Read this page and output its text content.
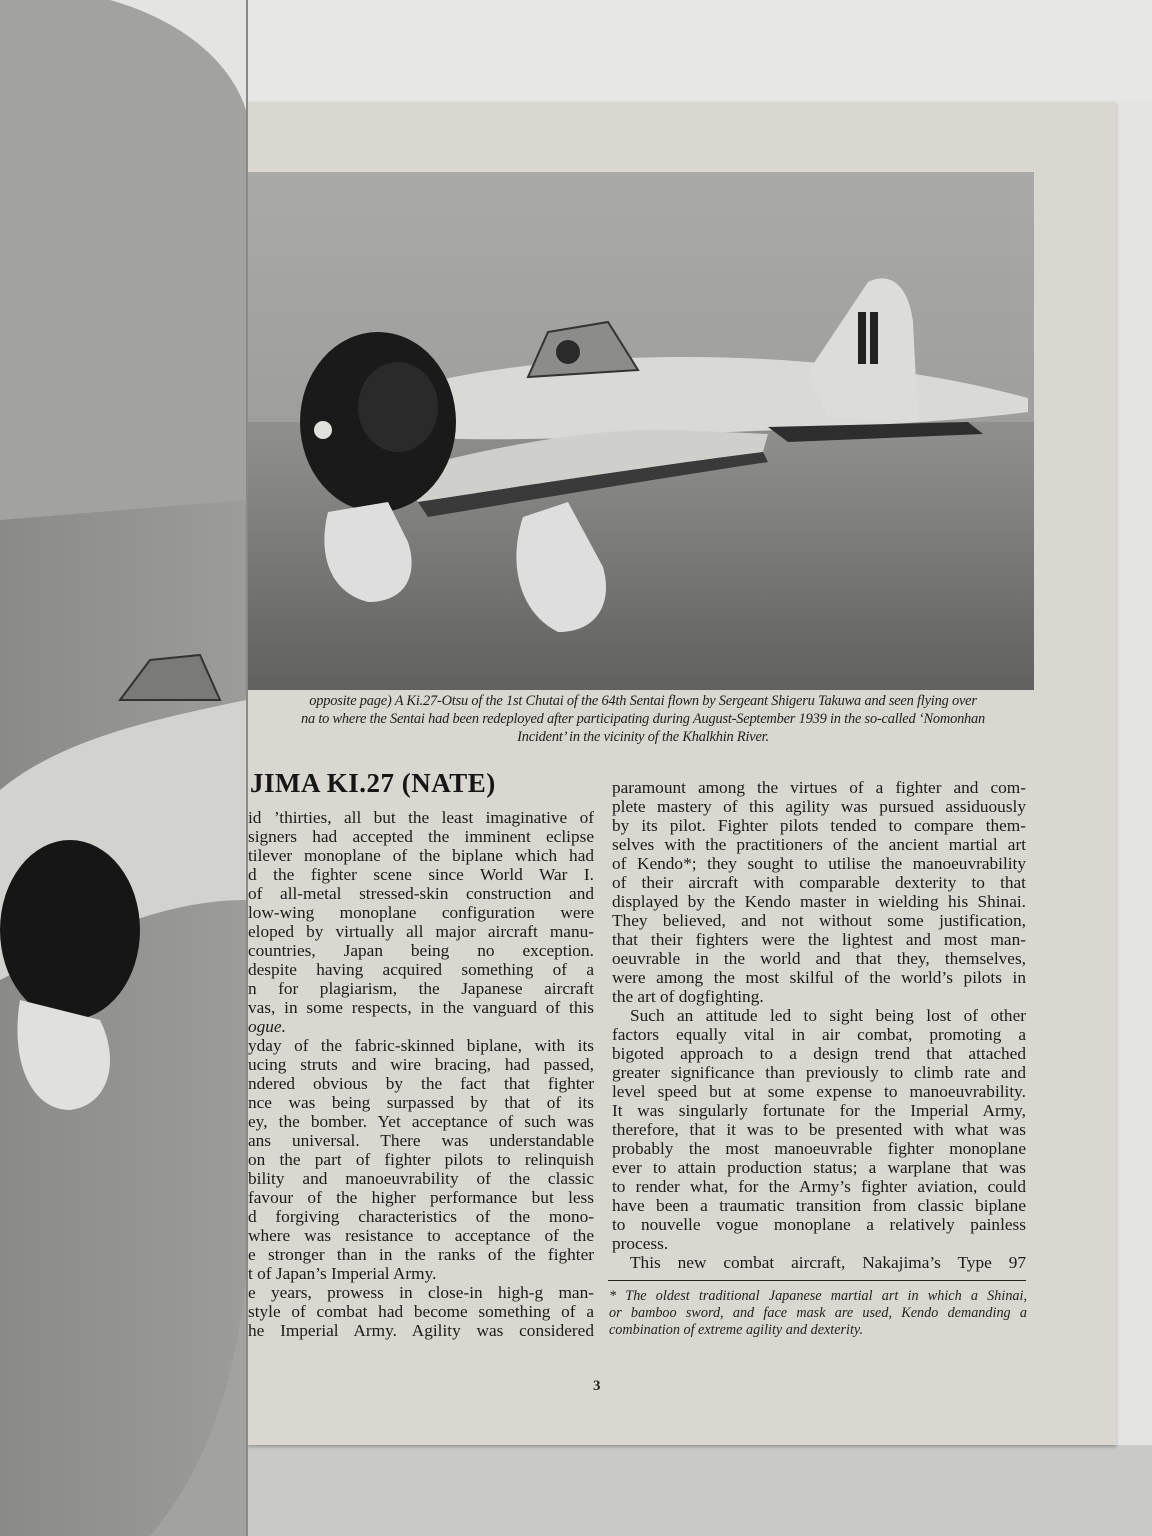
opposite page) A Ki.27-Otsu of the 1st Chutai of the 64th Sentai flown by Sergeant Shigeru Takuwa and seen flying over
na to where the Sentai had been redeployed after participating during August-September 1939 in the so-called ‘Nomonhan
Incident’ in the vicinity of the Khalkhin River.
JIMA KI.27 (NATE)
id ’thirties, all but the least imaginative of
signers had accepted the imminent eclipse
tilever monoplane of the biplane which had
d the fighter scene since World War I.
of all-metal stressed-skin construction and
low-wing monoplane configuration were
eloped by virtually all major aircraft manu-
countries, Japan being no exception.
despite having acquired something of a
n for plagiarism, the Japanese aircraft
vas, in some respects, in the vanguard of this
ogue.
yday of the fabric-skinned biplane, with its
ucing struts and wire bracing, had passed,
ndered obvious by the fact that fighter
nce was being surpassed by that of its
ey, the bomber. Yet acceptance of such was
ans universal. There was understandable
on the part of fighter pilots to relinquish
bility and manoeuvrability of the classic
favour of the higher performance but less
d forgiving characteristics of the mono-
where was resistance to acceptance of the
e stronger than in the ranks of the fighter
t of Japan’s Imperial Army.
e years, prowess in close-in high-g man-
style of combat had become something of a
he Imperial Army. Agility was considered
paramount among the virtues of a fighter and com-
plete mastery of this agility was pursued assiduously
by its pilot. Fighter pilots tended to compare them-
selves with the practitioners of the ancient martial art
of Kendo*; they sought to utilise the manoeuvrability
of their aircraft with comparable dexterity to that
displayed by the Kendo master in wielding his Shinai.
They believed, and not without some justification,
that their fighters were the lightest and most man-
oeuvrable in the world and that they, themselves,
were among the most skilful of the world’s pilots in
the art of dogfighting.
Such an attitude led to sight being lost of other
factors equally vital in air combat, promoting a
bigoted approach to a design trend that attached
greater significance than previously to climb rate and
level speed but at some expense to manoeuvrability.
It was singularly fortunate for the Imperial Army,
therefore, that it was to be presented with what was
probably the most manoeuvrable fighter monoplane
ever to attain production status; a warplane that was
to render what, for the Army’s fighter aviation, could
have been a traumatic transition from classic biplane
to nouvelle vogue monoplane a relatively painless
process.
This new combat aircraft, Nakajima’s Type 97
* The oldest traditional Japanese martial art in which a Shinai,
or bamboo sword, and face mask are used, Kendo demanding a
combination of extreme agility and dexterity.
3
